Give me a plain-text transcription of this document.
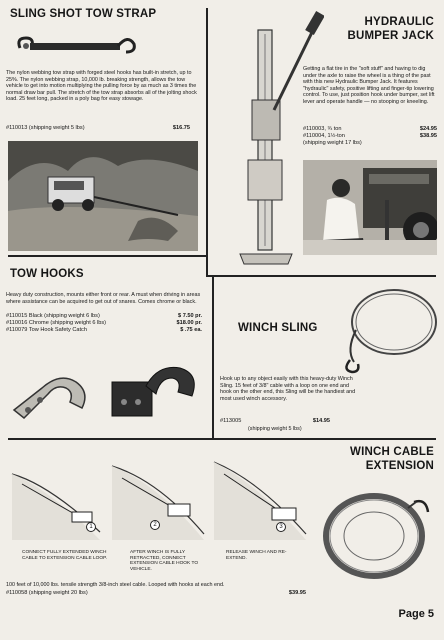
SLING SHOT TOW STRAP
The nylon webbing tow strap with forged steel hooks has built-in stretch, up to 25%. The nylon webbing strap, 10,000 lb. breaking strength, allows the tow vehicle to get into motion multiplying the pulling force by as much as 3 times the normal draw bar pull. The stretch of the tow strap absorbs all of the jolting shock load. 25 feet long, packed in a poly bag for easy stowage.
#110013 (shipping weight 5 lbs)	$16.75
HYDRAULIC
BUMPER JACK
Getting a flat tire in the "soft stuff" and having to dig under the axle to raise the wheel is a thing of the past with this new Hydraulic Bumper Jack. It features "hydraulic" safety, positive lifting and finger-tip lowering control. To use, just position hook under bumper, set lift lever and operate handle — no stooping or kneeling.
#110003, ¾ ton	$24.95
#110004, 1½-ton	$38.95
(shipping weight 17 lbs)
TOW HOOKS
Heavy duty construction, mounts either front or rear. A must when driving in areas where assistance can be acquired to get out of snares. Comes chrome or black.
#110015 Black (shipping weight 6 lbs)	$ 7.50 pr.
#110016 Chrome (shipping weight 6 lbs)	$18.00 pr.
#110079 Tow Hook Safety Catch	$ .75 ea.	WINCH SLING
Hook up to any object easily with this heavy-duty Winch Sling. 15 feet of 3/8" cable with a loop on one end and hook on the other end, this Sling will be the handiest and most used winch accessory.
#113005	$14.95
(shipping weight 5 lbs)
WINCH CABLE
EXTENSION
1	2	3
CONNECT FULLY EXTENDED WINCH CABLE TO EXTENSION CABLE LOOP.
AFTER WINCH IS FULLY RETRACTED, CONNECT EXTENSION CABLE HOOK TO VEHICLE.
RELEASE WINCH AND RE-EXTEND.
100 feet of 10,000 lbs. tensile strength 3/8-inch steel cable. Looped with hooks at each end.
#110058 (shipping weight 20 lbs)	$39.95
Page 5
